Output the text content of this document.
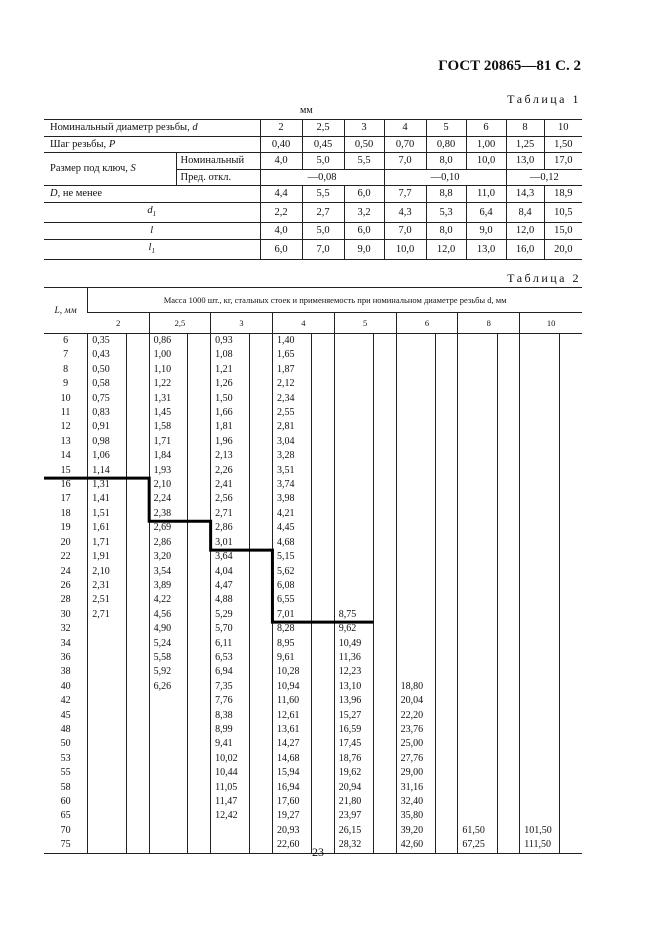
ГОСТ 20865—81 С. 2
Таблица 1
мм
Номинальный диаметр резьбы, d		2	2,5	3	4	5	6	8	10
Шаг резьбы, P		0,40	0,45	0,50	0,70	0,80	1,00	1,25	1,50
Размер под ключ, S	Номинальный	4,0	5,0	5,5	7,0	8,0	10,0	13,0	17,0
	Пред. откл.	—0,08			—0,10			—0,12	
D, не менее		4,4	5,5	6,0	7,7	8,8	11,0	14,3	18,9
$d_1$		2,2	2,7	3,2	4,3	5,3	6,4	8,4	10,5
l		4,0	5,0	6,0	7,0	8,0	9,0	12,0	15,0
$l_1$		6,0	7,0	9,0	10,0	12,0	13,0	16,0	20,0
Таблица 2
L, мм	Масса 1000 шт., кг, стальных стоек и применяемость при номинальном диаметре резьбы d, мм															
	2		2,5		3		4		5		6		8		10	
6	0,35		0,86		0,93		1,40									
7	0,43		1,00		1,08		1,65									
8	0,50		1,10		1,21		1,87									
9	0,58		1,22		1,26		2,12									
10	0,75		1,31		1,50		2,34									
11	0,83		1,45		1,66		2,55									
12	0,91		1,58		1,81		2,81									
13	0,98		1,71		1,96		3,04									
14	1,06		1,84		2,13		3,28									
15	1,14		1,93		2,26		3,51									
16	1,31		2,10		2,41		3,74									
17	1,41		2,24		2,56		3,98									
18	1,51		2,38		2,71		4,21									
19	1,61		2,69		2,86		4,45									
20	1,71		2,86		3,01		4,68									
22	1,91		3,20		3,64		5,15									
24	2,10		3,54		4,04		5,62									
26	2,31		3,89		4,47		6,08									
28	2,51		4,22		4,88		6,55									
30	2,71		4,56		5,29		7,01		8,75							
32			4,90		5,70		8,28		9,62							
34			5,24		6,11		8,95		10,49							
36			5,58		6,53		9,61		11,36							
38			5,92		6,94		10,28		12,23							
40			6,26		7,35		10,94		13,10		18,80					
42					7,76		11,60		13,96		20,04					
45					8,38		12,61		15,27		22,20					
48					8,99		13,61		16,59		23,76					
50					9,41		14,27		17,45		25,00					
53					10,02		14,68		18,76		27,76					
55					10,44		15,94		19,62		29,00					
58					11,05		16,94		20,94		31,16					
60					11,47		17,60		21,80		32,40					
65					12,42		19,27		23,97		35,80					
70							20,93		26,15		39,20		61,50		101,50	
75							22,60		28,32		42,60		67,25		111,50	
23
